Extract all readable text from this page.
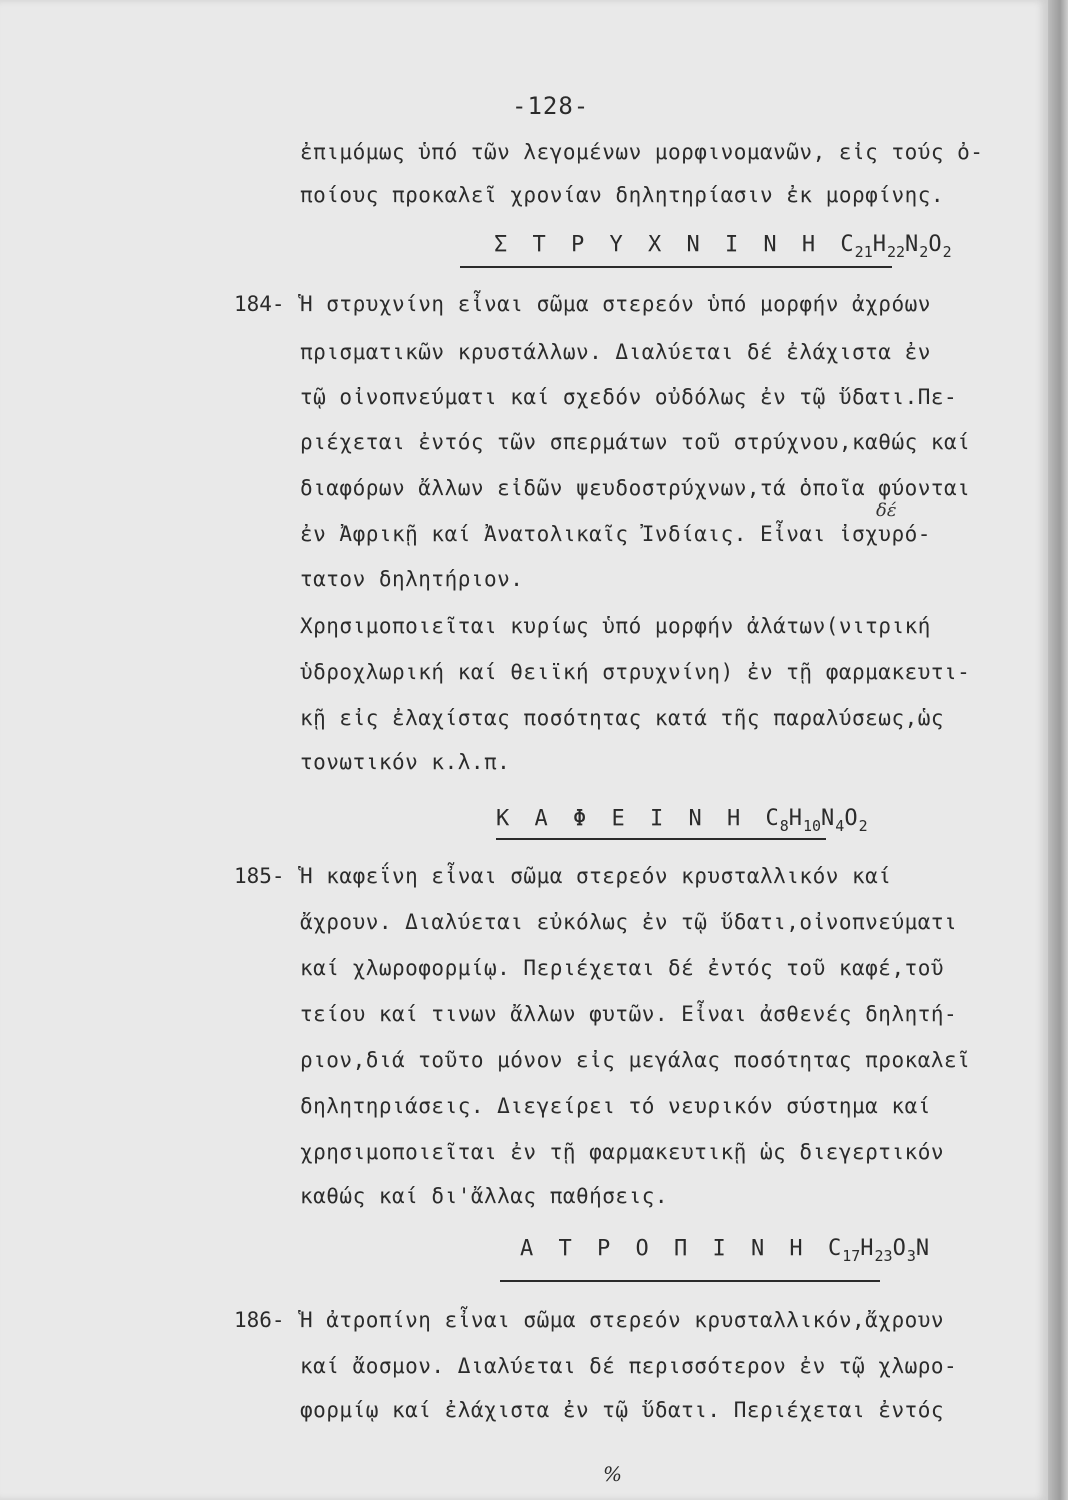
-128-
ἐπιμόμως ὑπό τῶν λεγομένων μορφινομανῶν, εἰς τούς ὀ-
ποίους προκαλεῖ χρονίαν δηλητηρίασιν ἐκ μορφίνης.
Σ Τ Ρ Υ Χ Ν Ι Ν Η $C_{21}H_{22}N_2O_2$
184- Ἡ στρυχνίνη εἶναι σῶμα στερεόν ὑπό μορφήν ἀχρόων
πρισματικῶν κρυστάλλων. Διαλύεται δέ ἐλάχιστα ἐν
τῷ οἰνοπνεύματι καί σχεδόν οὐδόλως ἐν τῷ ὕδατι.Πε-
ριέχεται ἐντός τῶν σπερμάτων τοῦ στρύχνου,καθώς καί
διαφόρων ἄλλων εἰδῶν ψευδοστρύχνων,τά ὁποῖα φύονται
ἐν Ἀφρικῇ καί Ἀνατολικαῖς Ἰνδίαις. Εἶναι ἰσχυρό-
τατον δηλητήριον.
Χρησιμοποιεῖται κυρίως ὑπό μορφήν ἀλάτων(νιτρική
ὑδροχλωρική καί θειϊκή στρυχνίνη) ἐν τῇ φαρμακευτι-
κῇ εἰς ἐλαχίστας ποσότητας κατά τῆς παραλύσεως,ὡς
τονωτικόν κ.λ.π.
δέ
Κ Α Φ Ε Ι Ν Η $C_8H_{10}N_4O_2$
185- Ἡ καφεΐνη εἶναι σῶμα στερεόν κρυσταλλικόν καί
ἄχρουν. Διαλύεται εὐκόλως ἐν τῷ ὕδατι,οἰνοπνεύματι
καί χλωροφορμίῳ. Περιέχεται δέ ἐντός τοῦ καφέ,τοῦ
τείου καί τινων ἄλλων φυτῶν. Εἶναι ἀσθενές δηλητή-
ριον,διά τοῦτο μόνον εἰς μεγάλας ποσότητας προκαλεῖ
δηλητηριάσεις. Διεγείρει τό νευρικόν σύστημα καί
χρησιμοποιεῖται ἐν τῇ φαρμακευτικῇ ὡς διεγερτικόν
καθώς καί δι'ἄλλας παθήσεις.
Α Τ Ρ Ο Π Ι Ν Η $C_{17}H_{23}O_3N$
186- Ἡ ἀτροπίνη εἶναι σῶμα στερεόν κρυσταλλικόν,ἄχρουν
καί ἄοσμον. Διαλύεται δέ περισσότερον ἐν τῷ χλωρο-
φορμίῳ καί ἐλάχιστα ἐν τῷ ὕδατι. Περιέχεται ἐντός
%
